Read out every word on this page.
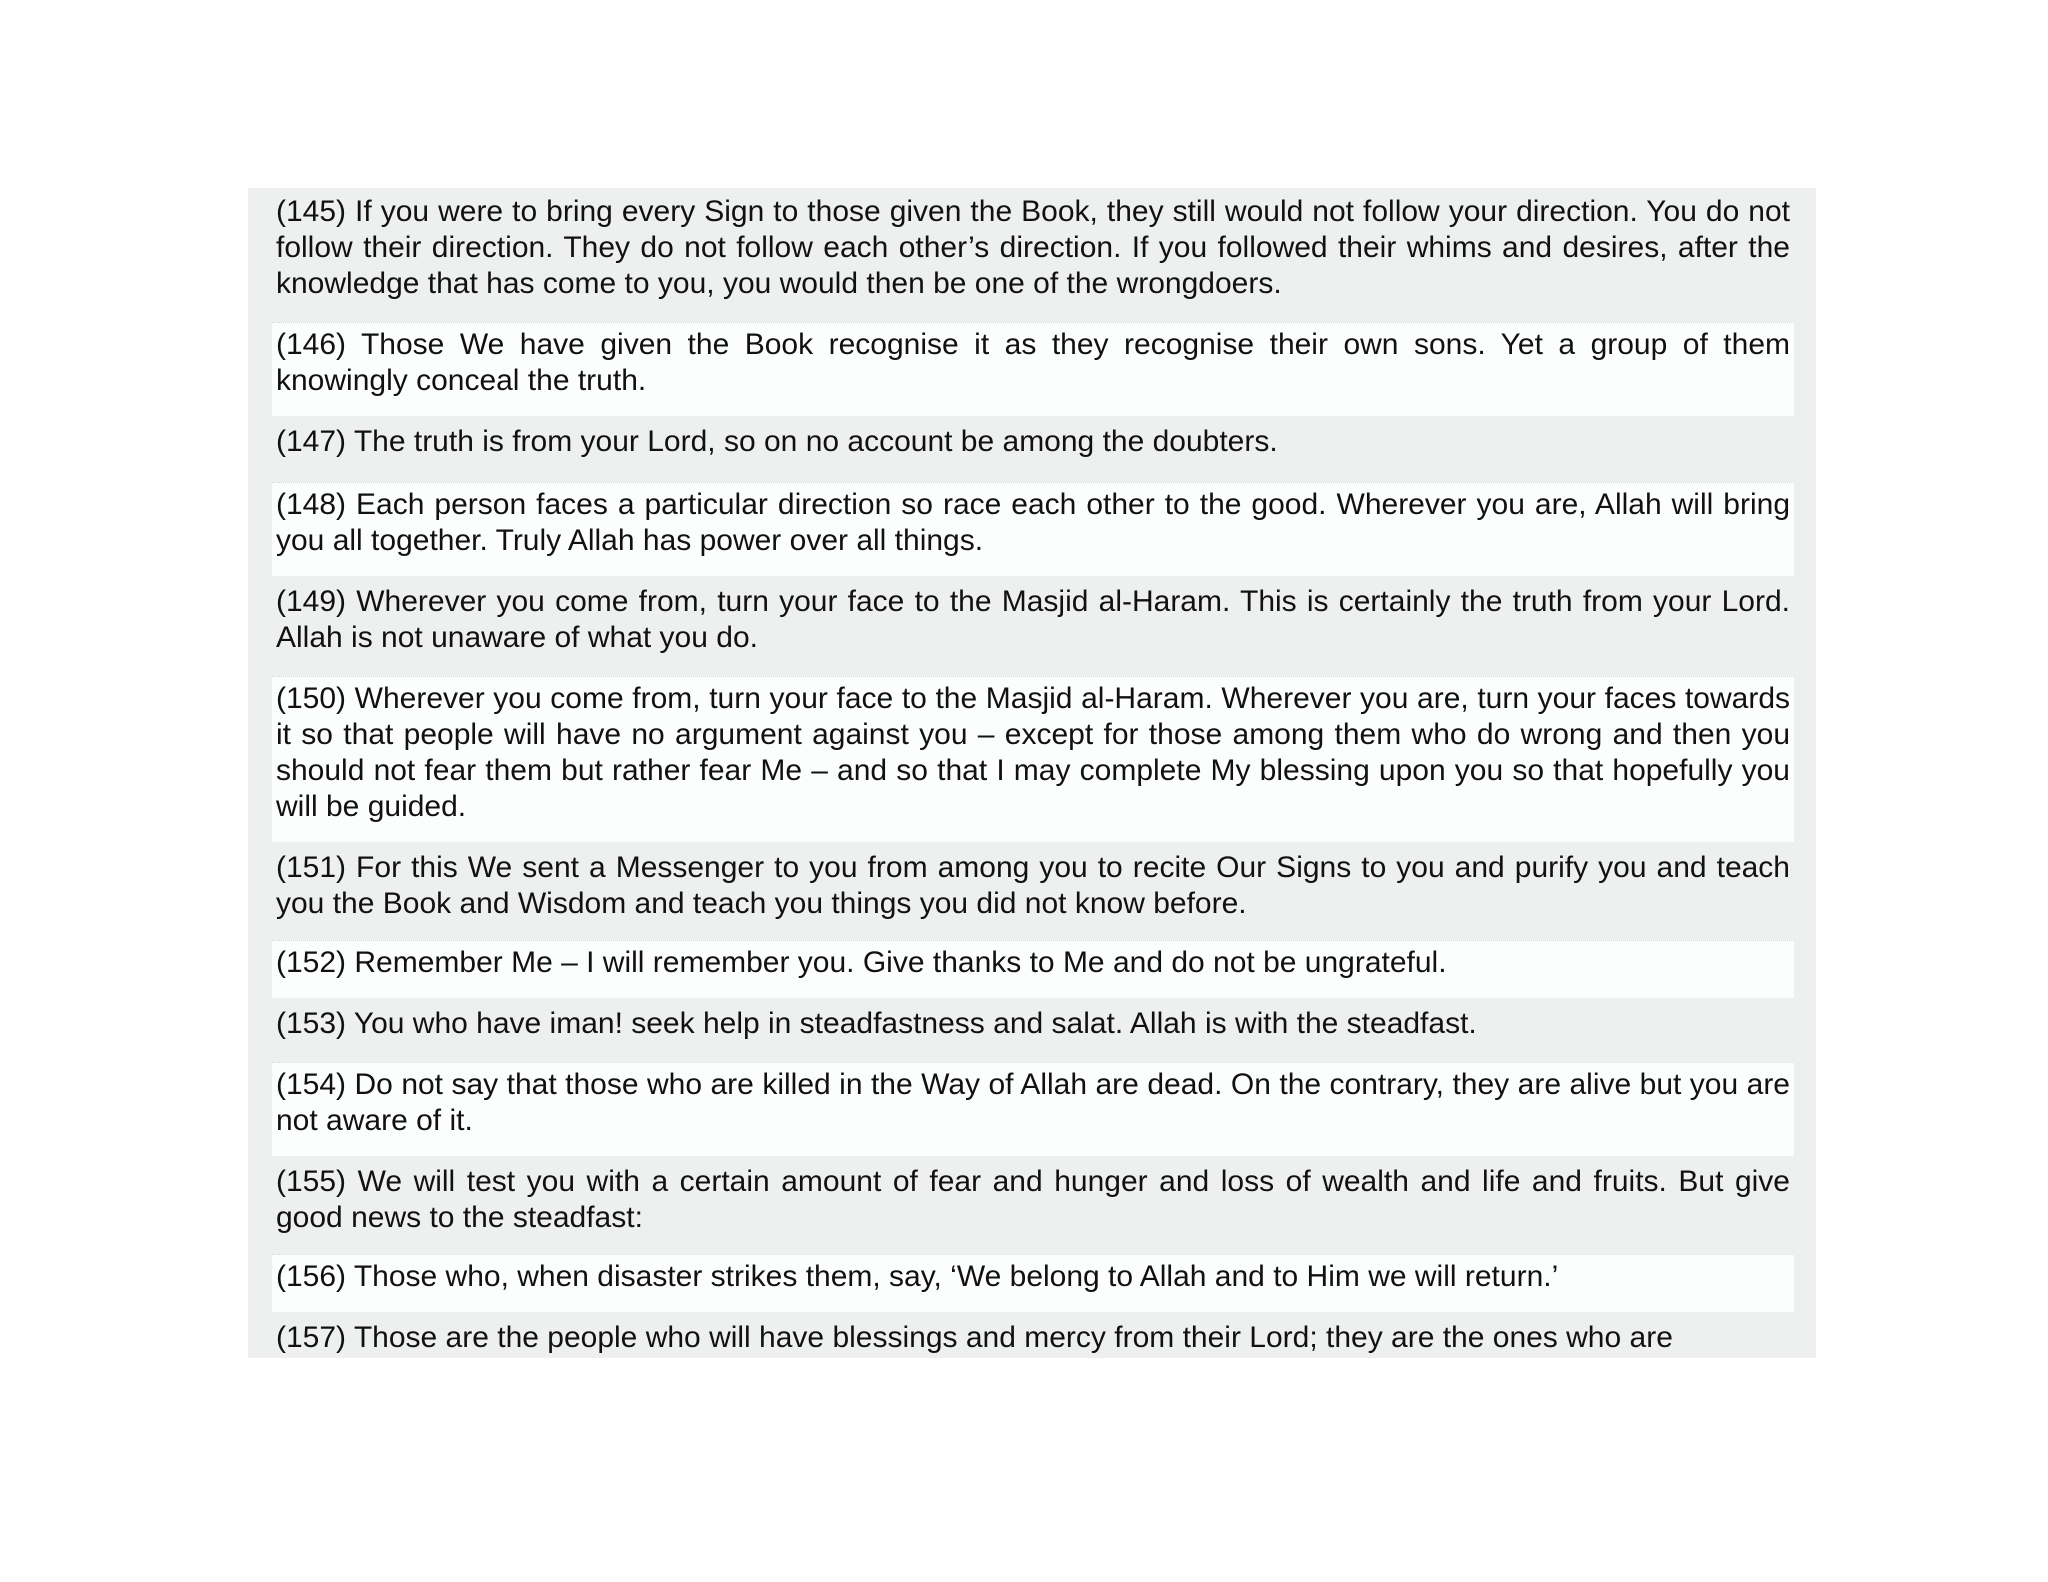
(145) If you were to bring every Sign to those given the Book, they still would not follow your direction. You do not follow their direction. They do not follow each other’s direction. If you followed their whims and desires, after the knowledge that has come to you, you would then be one of the wrongdoers.
(146) Those We have given the Book recognise it as they recognise their own sons. Yet a group of them knowingly conceal the truth.
(147) The truth is from your Lord, so on no account be among the doubters.
(148) Each person faces a particular direction so race each other to the good. Wherever you are, Allah will bring you all together. Truly Allah has power over all things.
(149) Wherever you come from, turn your face to the Masjid al-Haram. This is certainly the truth from your Lord. Allah is not unaware of what you do.
(150) Wherever you come from, turn your face to the Masjid al-Haram. Wherever you are, turn your faces towards it so that people will have no argument against you – except for those among them who do wrong and then you should not fear them but rather fear Me – and so that I may complete My blessing upon you so that hopefully you will be guided.
(151) For this We sent a Messenger to you from among you to recite Our Signs to you and purify you and teach you the Book and Wisdom and teach you things you did not know before.
(152) Remember Me – I will remember you. Give thanks to Me and do not be ungrateful.
(153) You who have iman! seek help in steadfastness and salat. Allah is with the steadfast.
(154) Do not say that those who are killed in the Way of Allah are dead. On the contrary, they are alive but you are not aware of it.
(155) We will test you with a certain amount of fear and hunger and loss of wealth and life and fruits. But give good news to the steadfast:
(156) Those who, when disaster strikes them, say, ‘We belong to Allah and to Him we will return.’
(157) Those are the people who will have blessings and mercy from their Lord; they are the ones who are
